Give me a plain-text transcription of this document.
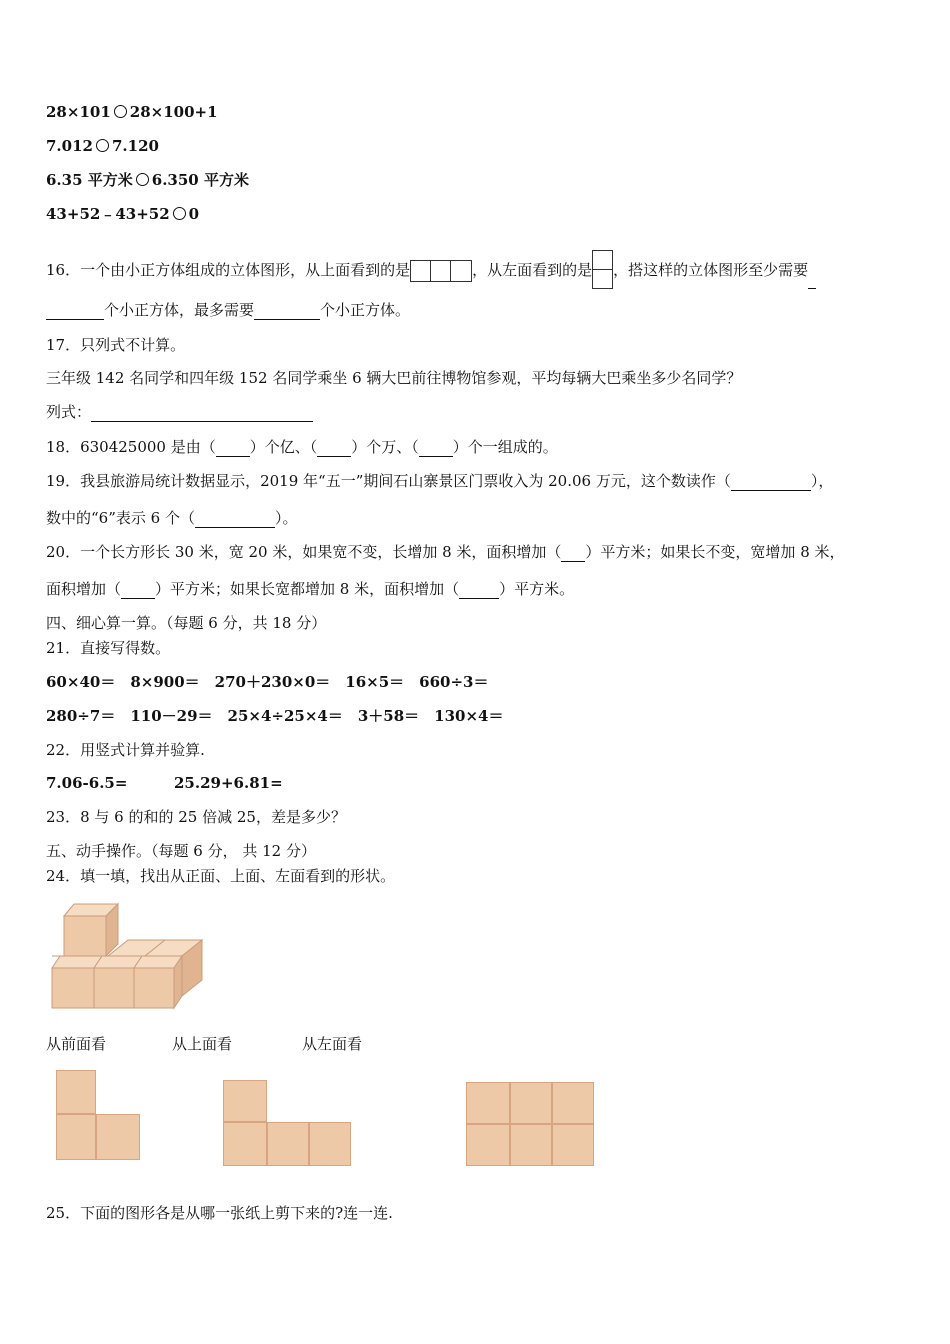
28×101 28×100+1
7.012 7.120
6.35 平方米 6.350 平方米
43+52﹣43+52 0
16．一个由小正方体组成的立体图形，从上面看到的是	，从左面看到的是 ，搭这样的立体图形至少需要
个小正方体，最多需要	个小正方体。
17．只列式不计算。
三年级 142 名同学和四年级 152 名同学乘坐 6 辆大巴前往博物馆参观，平均每辆大巴乘坐多少名同学？
列式：
18．630425000 是由（ ）个亿、（ ）个万、（ ）个一组成的。
19．我县旅游局统计数据显示，2019 年“五一”期间石山寨景区门票收入为 20.06 万元，这个数读作（	），
数中的“6”表示 6 个（	）。
20．一个长方形长 30 米，宽 20 米，如果宽不变，长增加 8 米，面积增加（ ）平方米；如果长不变，宽增加 8 米，
面积增加（ ）平方米；如果长宽都增加 8 米，面积增加（	）平方米。
四、细心算一算。（每题 6 分，共 18 分）
21．直接写得数。
60×40＝　8×900＝　270＋230×0＝　16×5＝　660÷3＝
280÷7＝　110－29＝　25×4÷25×4＝　3＋58＝　130×4＝
22．用竖式计算并验算.
7.06-6.5=	25.29+6.81=
23．8 与 6 的和的 25 倍减 25，差是多少？
五、动手操作。（每题 6 分， 共 12 分）
24．填一填，找出从正面、上面、左面看到的形状。
从前面看	从上面看	从左面看
25．下面的图形各是从哪一张纸上剪下来的?连一连.
